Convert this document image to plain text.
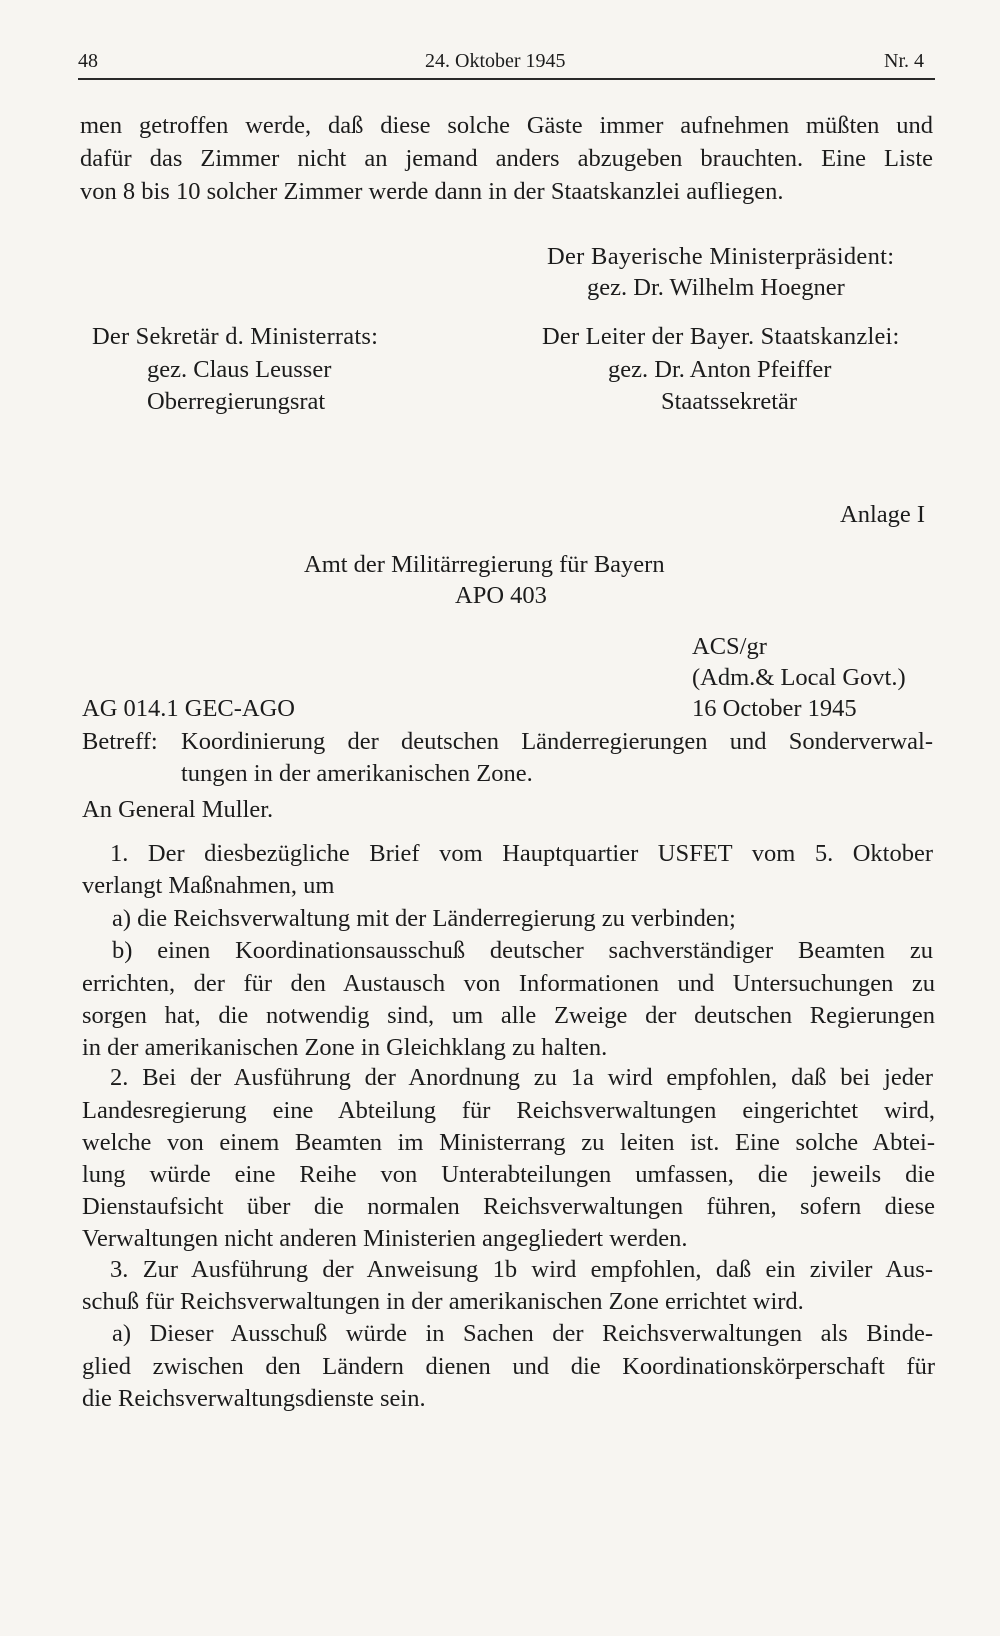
48	24. Oktober 1945	Nr. 4
men getroffen werde, daß diese solche Gäste immer aufnehmen müßten und
dafür das Zimmer nicht an jemand anders abzugeben brauchten. Eine Liste
von 8 bis 10 solcher Zimmer werde dann in der Staatskanzlei aufliegen.
Der Bayerische Ministerpräsident:
gez. Dr. Wilhelm Hoegner
Der Sekretär d. Ministerrats:
gez. Claus Leusser
Oberregierungsrat
Der Leiter der Bayer. Staatskanzlei:
gez. Dr. Anton Pfeiffer
Staatssekretär
Anlage I
Amt der Militärregierung für Bayern
APO 403
ACS/gr
(Adm.& Local Govt.)
AG 014.1 GEC-AGO	16 October 1945
Betreff: Koordinierung der deutschen Länderregierungen und Sonderverwal-
tungen in der amerikanischen Zone.
An General Muller.
1. Der diesbezügliche Brief vom Hauptquartier USFET vom 5. Oktober
verlangt Maßnahmen, um
a) die Reichsverwaltung mit der Länderregierung zu verbinden;
b) einen Koordinationsausschuß deutscher sachverständiger Beamten zu
errichten, der für den Austausch von Informationen und Untersuchungen zu
sorgen hat, die notwendig sind, um alle Zweige der deutschen Regierungen
in der amerikanischen Zone in Gleichklang zu halten.
2. Bei der Ausführung der Anordnung zu 1a wird empfohlen, daß bei jeder
Landesregierung eine Abteilung für Reichsverwaltungen eingerichtet wird,
welche von einem Beamten im Ministerrang zu leiten ist. Eine solche Abtei-
lung würde eine Reihe von Unterabteilungen umfassen, die jeweils die
Dienstaufsicht über die normalen Reichsverwaltungen führen, sofern diese
Verwaltungen nicht anderen Ministerien angegliedert werden.
3. Zur Ausführung der Anweisung 1b wird empfohlen, daß ein ziviler Aus-
schuß für Reichsverwaltungen in der amerikanischen Zone errichtet wird.
a) Dieser Ausschuß würde in Sachen der Reichsverwaltungen als Binde-
glied zwischen den Ländern dienen und die Koordinationskörperschaft für
die Reichsverwaltungsdienste sein.
